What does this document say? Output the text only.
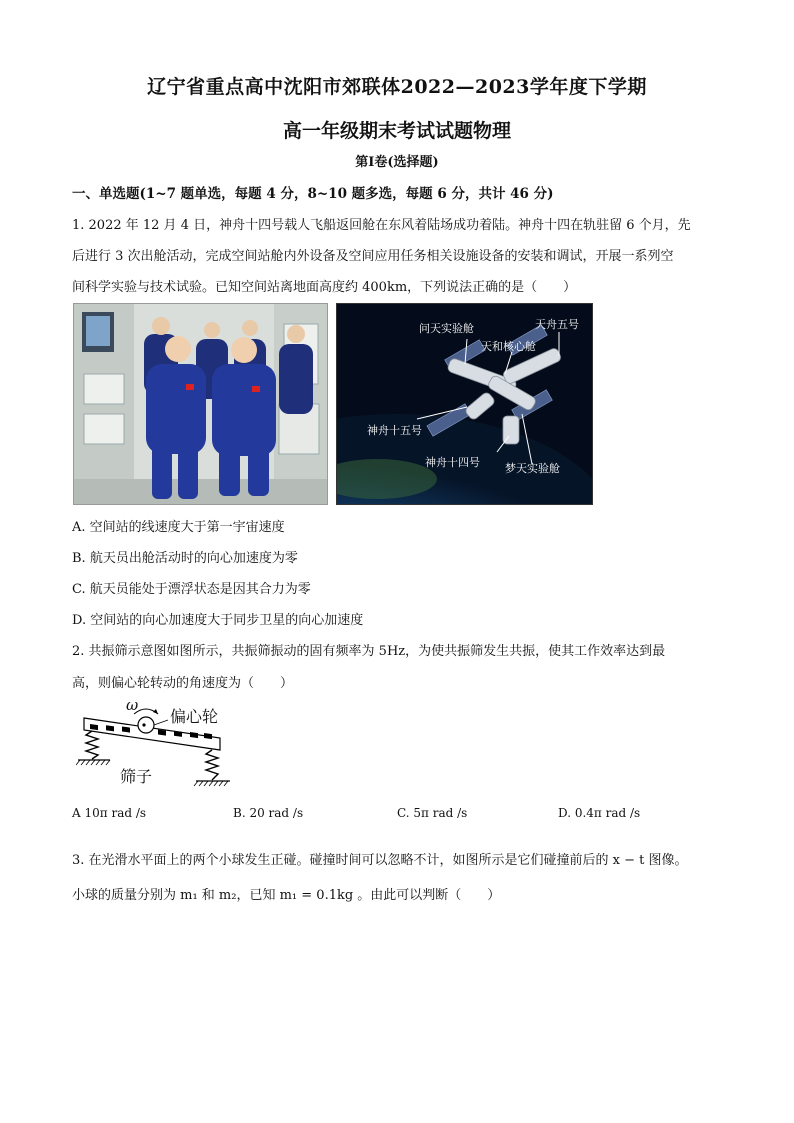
辽宁省重点高中沈阳市郊联体2022—2023学年度下学期
高一年级期末考试试题物理
第Ⅰ卷(选择题)
一、单选题(1~7 题单选，每题 4 分，8~10 题多选，每题 6 分，共计 46 分)
1. 2022 年 12 月 4 日，神舟十四号载人飞船返回舱在东风着陆场成功着陆。神舟十四在轨驻留 6 个月，先
后进行 3 次出舱活动，完成空间站舱内外设备及空间应用任务相关设施设备的安装和调试，开展一系列空
间科学实验与技术试验。已知空间站离地面高度约 400km，下列说法正确的是（　　）
问天实验舱	天舟五号
天和核心舱
神舟十五号
神舟十四号 梦天实验舱
A. 空间站的线速度大于第一宇宙速度
B. 航天员出舱活动时的向心加速度为零
C. 航天员能处于漂浮状态是因其合力为零
D. 空间站的向心加速度大于同步卫星的向心加速度
2. 共振筛示意图如图所示，共振筛振动的固有频率为 5Hz，为使共振筛发生共振，使其工作效率达到最
高，则偏心轮转动的角速度为（　　）
ω
偏心轮
筛子
A 10π rad /s	B. 20 rad /s	C. 5π rad /s	D. 0.4π rad /s
3. 在光滑水平面上的两个小球发生正碰。碰撞时间可以忽略不计，如图所示是它们碰撞前后的 x − t 图像。
小球的质量分别为 m₁ 和 m₂，已知 m₁ = 0.1kg 。由此可以判断（　　）
